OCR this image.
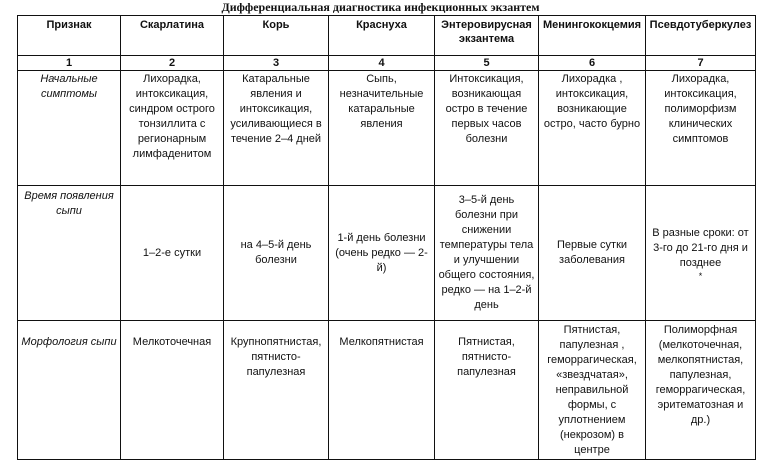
Дифференциальная диагностика инфекционных экзантем
Признак	Скарлатина	Корь	Краснуха	Энтеровирусная экзантема	Менингококцемия	Псевдотуберкулез
1	2	3	4	5	6	7
Начальные симптомы	Лихорадка, интоксикация, синдром острого тонзиллита с регионарным лимфаденитом	Катаральные явления и интоксикация, усиливающиеся в течение 2–4 дней	Сыпь, незначительные катаральные явления	Интоксикация, возникающая остро в течение первых часов болезни	Лихорадка , интоксикация, возникающие остро, часто бурно	Лихорадка, интоксикация, полиморфизм клинических симптомов
Время появления сыпи	1–2-е сутки	на 4–5-й день болезни	1-й день болезни (очень редко — 2-й)	3–5-й день болезни при снижении температуры тела и улучшении общего состояния, редко — на 1–2-й день	Первые сутки заболевания	В разные сроки: от 3-го до 21-го дня и позднее
*

Морфология сыпи	Мелкоточечная	Крупнопятнистая, пятнисто-папулезная	Мелкопятнистая	Пятнистая, пятнисто-папулезная	Пятнистая, папулезная , геморрагическая, «звездчатая», неправильной формы, с уплотнением (некрозом) в центре	Полиморфная (мелкоточечная, мелкопятнистая, папулезная, геморрагическая, эритематозная и др.)
